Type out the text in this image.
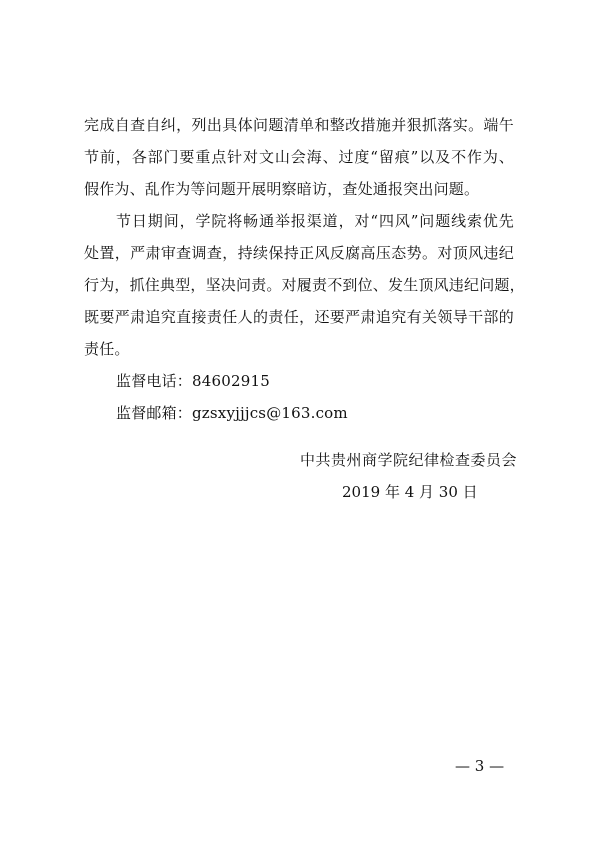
完成自查自纠，列出具体问题清单和整改措施并狠抓落实。端午
节前，各部门要重点针对文山会海、过度“留痕”以及不作为、
假作为、乱作为等问题开展明察暗访，查处通报突出问题。
节日期间，学院将畅通举报渠道，对“四风”问题线索优先
处置，严肃审查调查，持续保持正风反腐高压态势。对顶风违纪
行为，抓住典型，坚决问责。对履责不到位、发生顶风违纪问题，
既要严肃追究直接责任人的责任，还要严肃追究有关领导干部的
责任。
监督电话：84602915
监督邮箱：gzsxyjjjcs@163.com
中共贵州商学院纪律检查委员会
2019 年 4 月 30 日
— 3 —
